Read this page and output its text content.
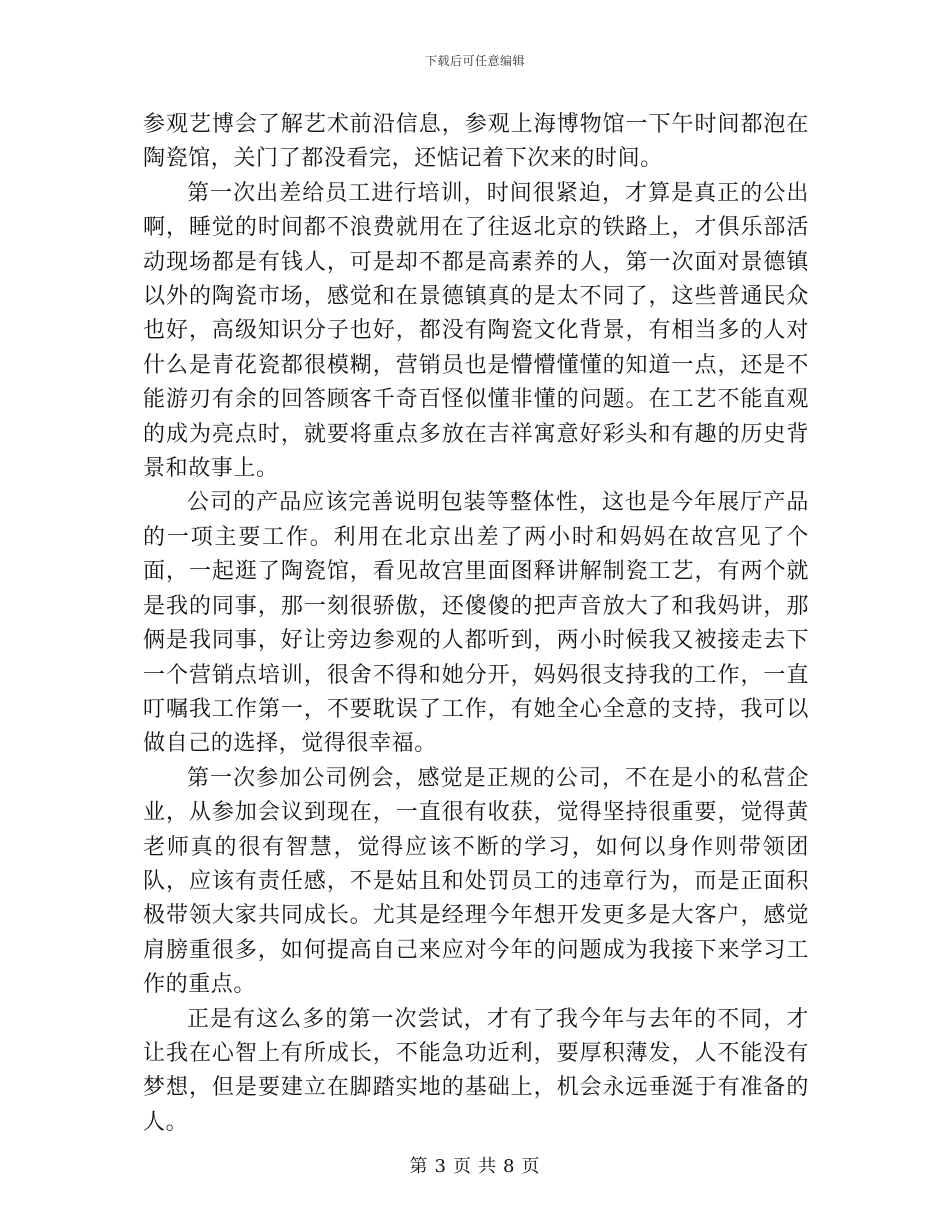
下载后可任意编辑

参观艺博会了解艺术前沿信息，参观上海博物馆一下午时间都泡在陶瓷馆，关门了都没看完，还惦记着下次来的时间。

第一次出差给员工进行培训，时间很紧迫，才算是真正的公出啊，睡觉的时间都不浪费就用在了往返北京的铁路上，才俱乐部活动现场都是有钱人，可是却不都是高素养的人，第一次面对景德镇以外的陶瓷市场，感觉和在景德镇真的是太不同了，这些普通民众也好，高级知识分子也好，都没有陶瓷文化背景，有相当多的人对什么是青花瓷都很模糊，营销员也是懵懵懂懂的知道一点，还是不能游刃有余的回答顾客千奇百怪似懂非懂的问题。在工艺不能直观的成为亮点时，就要将重点多放在吉祥寓意好彩头和有趣的历史背景和故事上。

公司的产品应该完善说明包装等整体性，这也是今年展厅产品的一项主要工作。利用在北京出差了两小时和妈妈在故宫见了个面，一起逛了陶瓷馆，看见故宫里面图释讲解制瓷工艺，有两个就是我的同事，那一刻很骄傲，还傻傻的把声音放大了和我妈讲，那俩是我同事，好让旁边参观的人都听到，两小时候我又被接走去下一个营销点培训，很舍不得和她分开，妈妈很支持我的工作，一直叮嘱我工作第一，不要耽误了工作，有她全心全意的支持，我可以做自己的选择，觉得很幸福。

第一次参加公司例会，感觉是正规的公司，不在是小的私营企业，从参加会议到现在，一直很有收获，觉得坚持很重要，觉得黄老师真的很有智慧，觉得应该不断的学习，如何以身作则带领团队，应该有责任感，不是姑且和处罚员工的违章行为，而是正面积极带领大家共同成长。尤其是经理今年想开发更多是大客户，感觉肩膀重很多，如何提高自己来应对今年的问题成为我接下来学习工作的重点。

正是有这么多的第一次尝试，才有了我今年与去年的不同，才让我在心智上有所成长，不能急功近利，要厚积薄发，人不能没有梦想，但是要建立在脚踏实地的基础上，机会永远垂涎于有准备的人。

第 3 页 共 8 页
